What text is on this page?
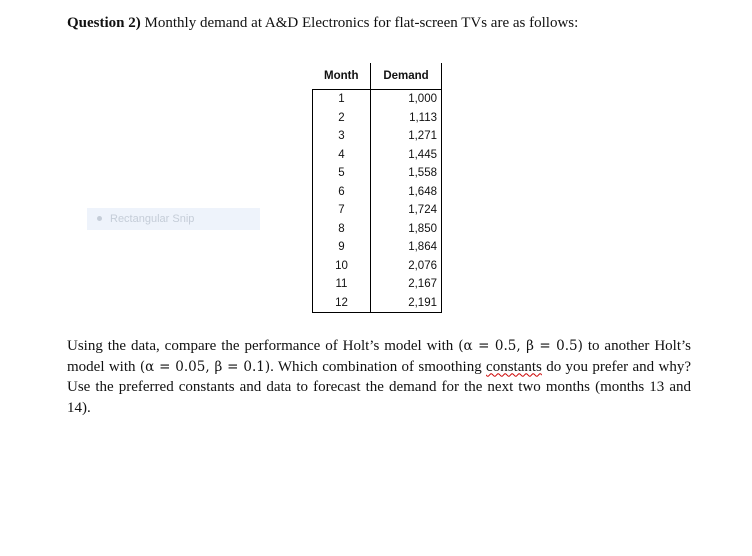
Question 2) Monthly demand at A&D Electronics for flat-screen TVs are as follows:
Month	Demand
1	1,000
2	1,113
3	1,271
4	1,445
5	1,558
6	1,648
7	1,724
8	1,850
9	1,864
10	2,076
11	2,167
12	2,191
Rectangular Snip
Using the data, compare the performance of Holt’s model with (α = 0.5, β = 0.5) to another Holt’s model with (α = 0.05, β = 0.1). Which combination of smoothing constants do you prefer and why? Use the preferred constants and data to forecast the demand for the next two months (months 13 and 14).
